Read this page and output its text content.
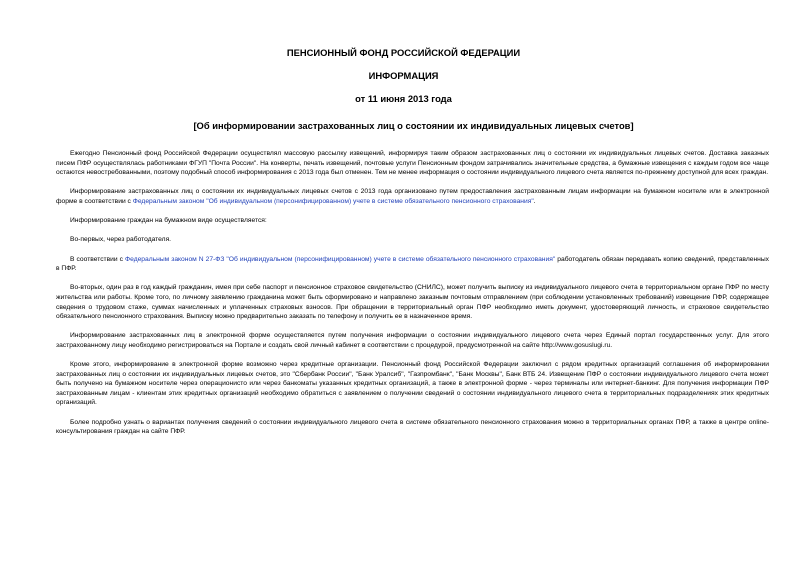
ПЕНСИОННЫЙ ФОНД РОССИЙСКОЙ ФЕДЕРАЦИИ
ИНФОРМАЦИЯ
от 11 июня 2013 года
[Об информировании застрахованных лиц о состоянии их индивидуальных лицевых счетов]

Ежегодно Пенсионный фонд Российской Федерации осуществлял массовую рассылку извещений, информируя таким образом застрахованных лиц о состоянии их индивидуальных лицевых счетов. Доставка заказных писем ПФР осуществлялась работниками ФГУП "Почта России". На конверты, печать извещений, почтовые услуги Пенсионным фондом затрачивались значительные средства, а бумажные извещения с каждым годом все чаще остаются невостребованными, поэтому подобный способ информирования с 2013 года был отменен. Тем не менее информация о состоянии индивидуального лицевого счета является по-прежнему доступной для всех граждан.

Информирование застрахованных лиц о состоянии их индивидуальных лицевых счетов с 2013 года организовано путем предоставления застрахованным лицам информации на бумажном носителе или в электронной форме в соответствии с Федеральным законом "Об индивидуальном (персонифицированном) учете в системе обязательного пенсионного страхования".

Информирование граждан на бумажном виде осуществляется:

Во-первых, через работодателя.

В соответствии с Федеральным законом N 27-ФЗ "Об индивидуальном (персонифицированном) учете в системе обязательного пенсионного страхования" работодатель обязан передавать копию сведений, представленных в ПФР.

Во-вторых, один раз в год каждый гражданин, имея при себе паспорт и пенсионное страховое свидетельство (СНИЛС), может получить выписку из индивидуального лицевого счета в территориальном органе ПФР по месту жительства или работы. Кроме того, по личному заявлению гражданина может быть сформировано и направлено заказным почтовым отправлением (при соблюдении установленных требований) извещение ПФР, содержащее сведения о трудовом стаже, суммах начисленных и уплаченных страховых взносов. При обращении в территориальный орган ПФР необходимо иметь документ, удостоверяющий личность, и страховое свидетельство обязательного пенсионного страхования. Выписку можно предварительно заказать по телефону и получить ее в назначенное время.

Информирование застрахованных лиц в электронной форме осуществляется путем получения информации о состоянии индивидуального лицевого счета через Единый портал государственных услуг. Для этого застрахованному лицу необходимо регистрироваться на Портале и создать свой личный кабинет в соответствии с процедурой, предусмотренной на сайте http://www.gosuslugi.ru.

Кроме этого, информирование в электронной форме возможно через кредитные организации. Пенсионный фонд Российской Федерации заключил с рядом кредитных организаций соглашения об информировании застрахованных лиц о состоянии их индивидуальных лицевых счетов, это "Сбербанк России", "Банк Уралсиб", "Газпромбанк", "Банк Москвы", Банк ВТБ 24. Извещение ПФР о состоянии индивидуального лицевого счета может быть получено на бумажном носителе через операционисто или через банкоматы указанных кредитных организаций, а также в электронной форме - через терминалы или интернет-банкинг. Для получения информации ПФР застрахованным лицам - клиентам этих кредитных организаций необходимо обратиться с заявлением о получении сведений о состоянии индивидуального лицевого счета в территориальных подразделениях этих кредитных организаций.

Более подробно узнать о вариантах получения сведений о состоянии индивидуального лицевого счета в системе обязательного пенсионного страхования можно в территориальных органах ПФР, а также в центре online-консультирования граждан на сайте ПФР.
